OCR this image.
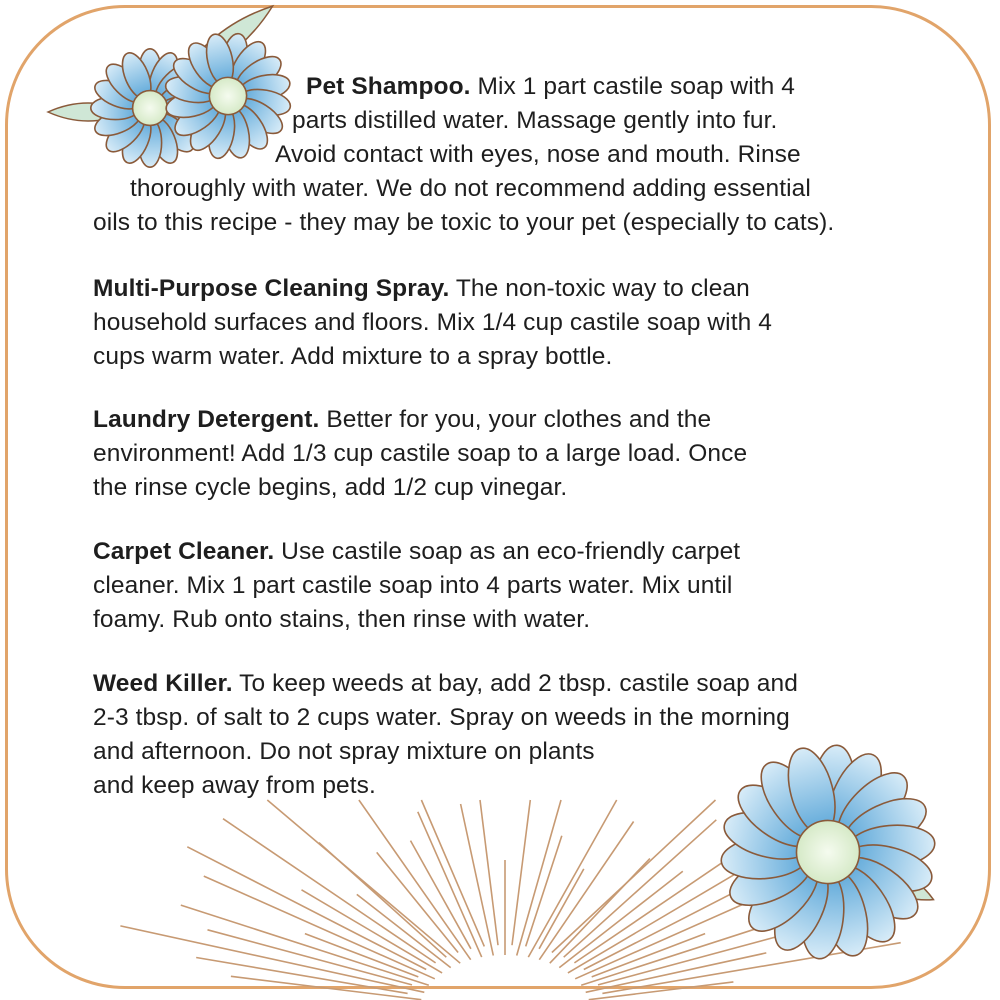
Pet Shampoo. Mix 1 part castile soap with 4

parts distilled water. Massage gently into fur.

Avoid contact with eyes, nose and mouth. Rinse

thoroughly with water. We do not recommend adding essential

oils to this recipe - they may be toxic to your pet (especially to cats).

Multi-Purpose Cleaning Spray. The non-toxic way to clean

household surfaces and floors. Mix 1/4 cup castile soap with 4

cups warm water. Add mixture to a spray bottle.

Laundry Detergent. Better for you, your clothes and the

environment! Add 1/3 cup castile soap to a large load. Once

the rinse cycle begins, add 1/2 cup vinegar.

Carpet Cleaner. Use castile soap as an eco-friendly carpet

cleaner. Mix 1 part castile soap into 4 parts water. Mix until

foamy. Rub onto stains, then rinse with water.

Weed Killer. To keep weeds at bay, add 2 tbsp. castile soap and

2-3 tbsp. of salt to 2 cups water. Spray on weeds in the morning

and afternoon. Do not spray mixture on plants

and keep away from pets.
